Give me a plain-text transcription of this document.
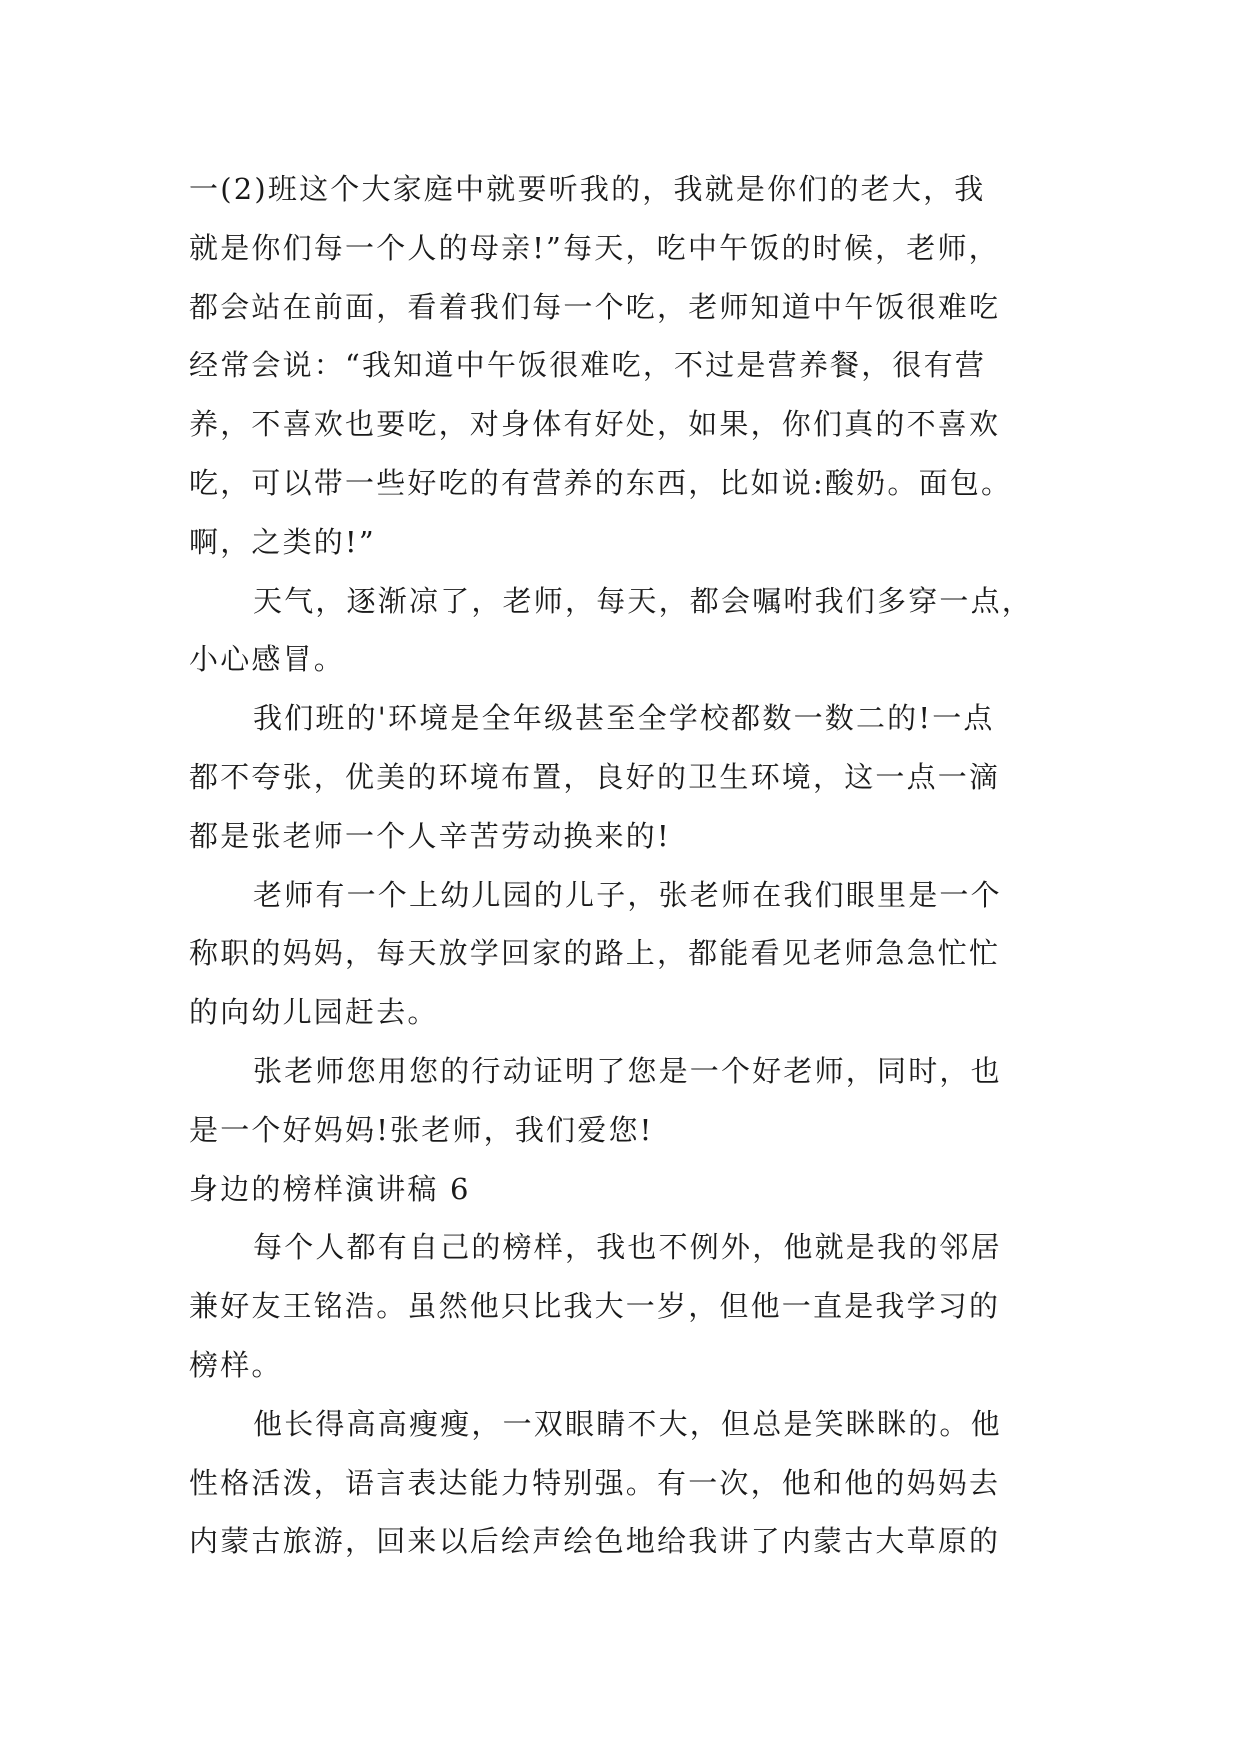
一(2)班这个大家庭中就要听我的，我就是你们的老大，我
就是你们每一个人的母亲!”每天，吃中午饭的时候，老师，
都会站在前面，看着我们每一个吃，老师知道中午饭很难吃
经常会说：“我知道中午饭很难吃，不过是营养餐，很有营
养，不喜欢也要吃，对身体有好处，如果，你们真的不喜欢
吃，可以带一些好吃的有营养的东西，比如说:酸奶。面包。
啊，之类的!”
天气，逐渐凉了，老师，每天，都会嘱咐我们多穿一点，
小心感冒。
我们班的'环境是全年级甚至全学校都数一数二的!一点
都不夸张，优美的环境布置，良好的卫生环境，这一点一滴
都是张老师一个人辛苦劳动换来的!
老师有一个上幼儿园的儿子，张老师在我们眼里是一个
称职的妈妈，每天放学回家的路上，都能看见老师急急忙忙
的向幼儿园赶去。
张老师您用您的行动证明了您是一个好老师，同时，也
是一个好妈妈!张老师，我们爱您!
身边的榜样演讲稿 6
每个人都有自己的榜样，我也不例外，他就是我的邻居
兼好友王铭浩。虽然他只比我大一岁，但他一直是我学习的
榜样。
他长得高高瘦瘦，一双眼睛不大，但总是笑眯眯的。他
性格活泼，语言表达能力特别强。有一次，他和他的妈妈去
内蒙古旅游，回来以后绘声绘色地给我讲了内蒙古大草原的
